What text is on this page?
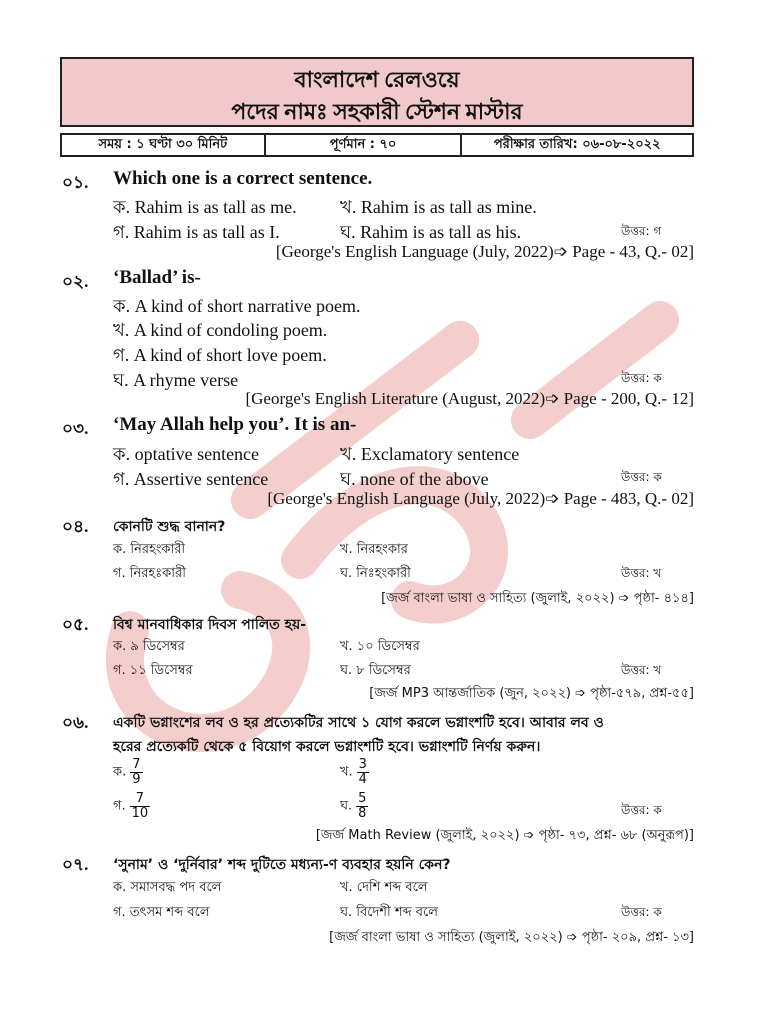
বাংলাদেশ রেলওয়ে
পদের নামঃ সহকারী স্টেশন মাস্টার
সময় : ১ ঘণ্টা ৩০ মিনিট	পূর্ণমান : ৭০	পরীক্ষার তারিখ: ০৬-০৮-২০২২
০১. Which one is a correct sentence.
ক. Rahim is as tall as me. খ. Rahim is as tall as mine.
গ. Rahim is as tall as I.	ঘ. Rahim is as tall as his.	উত্তর: গ
[George's English Language (July, 2022)➩ Page - 43, Q.- 02]
০২. ‘Ballad’ is-
ক. A kind of short narrative poem.
খ. A kind of condoling poem.
গ. A kind of short love poem.
ঘ. A rhyme verse	উত্তর: ক
[George's English Literature (August, 2022)➩ Page - 200, Q.- 12]
০৩. ‘May Allah help you’. It is an-
ক. optative sentence	খ. Exclamatory sentence
গ. Assertive sentence	ঘ. none of the above	উত্তর: ক
[George's English Language (July, 2022)➩ Page - 483, Q.- 02]
০৪. কোনটি শুদ্ধ বানান?
ক. নিরহংকারী	খ. নিরহংকার
গ. নিরহঃকারী	ঘ. নিঃহংকারী	উত্তর: খ
[জর্জ বাংলা ভাষা ও সাহিত্য (জুলাই, ২০২২) ➩ পৃষ্ঠা- ৪১৪]
০৫. বিশ্ব মানবাধিকার দিবস পালিত হয়-
ক. ৯ ডিসেম্বর	খ. ১০ ডিসেম্বর
গ. ১১ ডিসেম্বর	ঘ. ৮ ডিসেম্বর	উত্তর: খ
[জর্জ MP3 আন্তর্জাতিক (জুন, ২০২২) ➩ পৃষ্ঠা-৫৭৯, প্রশ্ন-৫৫]
০৬. একটি ভগ্নাংশের লব ও হর প্রত্যেকটির সাথে ১ যোগ করলে ভগ্নাংশটি হবে। আবার লব ও
হরের প্রত্যেকটি থেকে ৫ বিয়োগ করলে ভগ্নাংশটি হবে। ভগ্নাংশটি নির্ণয় করুন।
ক. $\frac{7}{9}$	খ. $\frac{3}{4}$
গ. $\frac{7}{10}$	ঘ. $\frac{5}{8}$	উত্তর: ক
[জর্জ Math Review (জুলাই, ২০২২) ➩ পৃষ্ঠা- ৭৩, প্রশ্ন- ৬৮ (অনুরূপ)]
০৭. ‘সুনাম’ ও ‘দুর্নিবার’ শব্দ দুটিতে মধ্যন্য-ণ ব্যবহার হয়নি কেন?
ক. সমাসবদ্ধ পদ বলে	খ. দেশি শব্দ বলে
গ. তৎসম শব্দ বলে	ঘ. বিদেশী শব্দ বলে	উত্তর: ক
[জর্জ বাংলা ভাষা ও সাহিত্য (জুলাই, ২০২২) ➩ পৃষ্ঠা- ২০৯, প্রশ্ন- ১৩]
